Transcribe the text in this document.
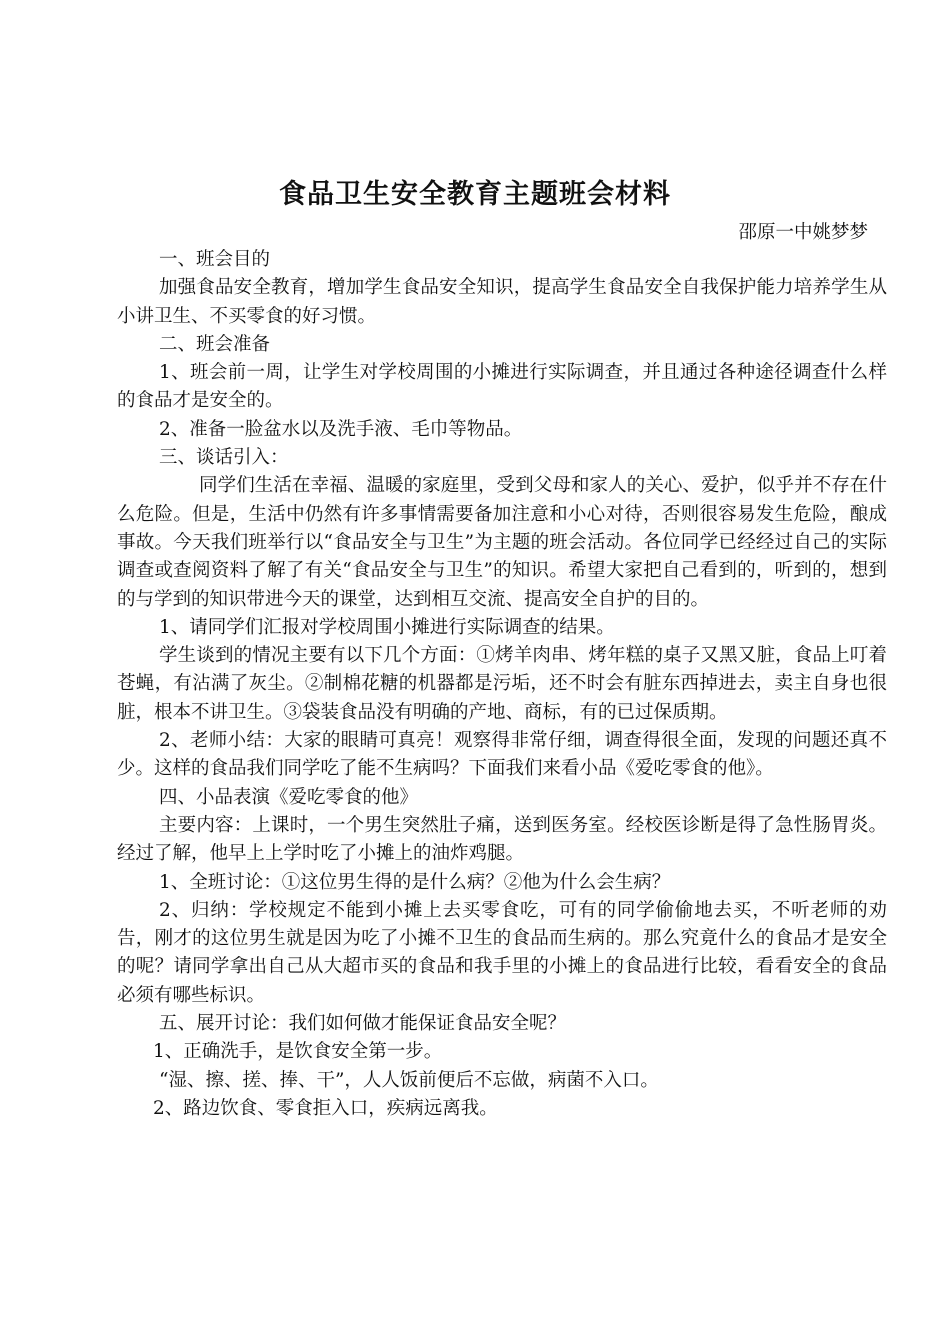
食品卫生安全教育主题班会材料

邵原一中姚梦梦

一、班会目的

加强食品安全教育，增加学生食品安全知识，提高学生食品安全自我保护能力培养学生从小讲卫生、不买零食的好习惯。

二、班会准备

1、班会前一周，让学生对学校周围的小摊进行实际调查，并且通过各种途径调查什么样的食品才是安全的。

2、准备一脸盆水以及洗手液、毛巾等物品。

三、谈话引入：

同学们生活在幸福、温暖的家庭里，受到父母和家人的关心、爱护，似乎并不存在什么危险。但是，生活中仍然有许多事情需要备加注意和小心对待，否则很容易发生危险，酿成事故。今天我们班举行以“食品安全与卫生”为主题的班会活动。各位同学已经经过自己的实际调查或查阅资料了解了有关“食品安全与卫生”的知识。希望大家把自己看到的，听到的，想到的与学到的知识带进今天的课堂，达到相互交流、提高安全自护的目的。

1、请同学们汇报对学校周围小摊进行实际调查的结果。

学生谈到的情况主要有以下几个方面：①烤羊肉串、烤年糕的桌子又黑又脏，食品上叮着苍蝇，有沾满了灰尘。②制棉花糖的机器都是污垢，还不时会有脏东西掉进去，卖主自身也很脏，根本不讲卫生。③袋装食品没有明确的产地、商标，有的已过保质期。

2、老师小结：大家的眼睛可真亮！观察得非常仔细，调查得很全面，发现的问题还真不少。这样的食品我们同学吃了能不生病吗？下面我们来看小品《爱吃零食的他》。

四、小品表演《爱吃零食的他》

主要内容：上课时，一个男生突然肚子痛，送到医务室。经校医诊断是得了急性肠胃炎。经过了解，他早上上学时吃了小摊上的油炸鸡腿。

1、全班讨论：①这位男生得的是什么病？②他为什么会生病？

2、归纳：学校规定不能到小摊上去买零食吃，可有的同学偷偷地去买，不听老师的劝告，刚才的这位男生就是因为吃了小摊不卫生的食品而生病的。那么究竟什么的食品才是安全的呢？请同学拿出自己从大超市买的食品和我手里的小摊上的食品进行比较，看看安全的食品必须有哪些标识。

五、展开讨论：我们如何做才能保证食品安全呢？

1、正确洗手，是饮食安全第一步。

“湿、擦、搓、捧、干”，人人饭前便后不忘做，病菌不入口。

2、路边饮食、零食拒入口，疾病远离我。
